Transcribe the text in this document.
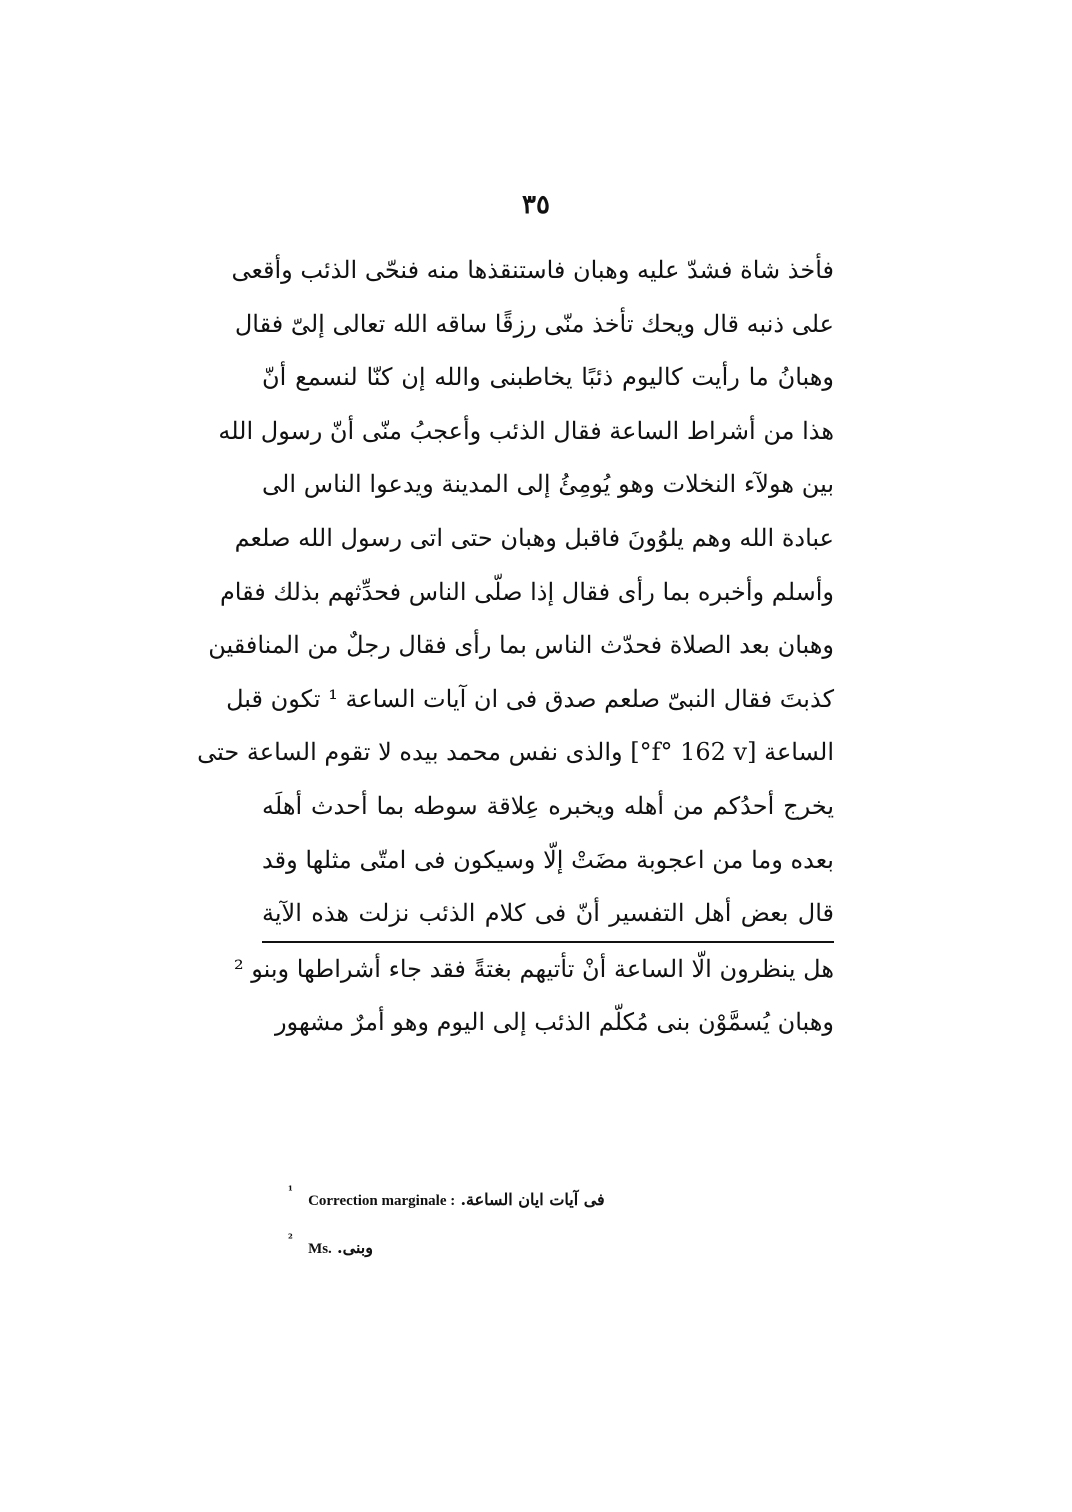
٣٥
فأخذ شاة فشدّ عليه وهبان فاستنقذها منه فنحّى الذئب وأقعى
على ذنبه قال ويحك تأخذ منّى رزقًا ساقه الله تعالى إلىّ فقال
وهبانُ ما رأيت كاليوم ذئبًا يخاطبنى والله إن كنّا لنسمع أنّ
هذا من أشراط الساعة فقال الذئب وأعجبُ منّى أنّ رسول الله
بين هولآء النخلات وهو يُومِئُ إلى المدينة ويدعوا الناس الى
عبادة الله وهم يلوُونَ فاقبل وهبان حتى اتى رسول الله صلعم
وأسلم وأخبره بما رأى فقال إذا صلّى الناس فحدِّثهم بذلك فقام
وهبان بعد الصلاة فحدّث الناس بما رأى فقال رجلٌ من المنافقين
كذبتَ فقال النبىّ صلعم صدق فى ان آيات الساعة ¹ تكون قبل
الساعة [f° 162 v°] والذى نفس محمد بيده لا تقوم الساعة حتى
يخرج أحدُكم من أهله ويخبره عِلاقة سوطه بما أحدث أهلَه
بعده وما من اعجوبة مضَتْ إلّا وسيكون فى امتّى مثلها وقد
قال بعض أهل التفسير أنّ فى كلام الذئب نزلت هذه الآية
هل ينظرون الّا الساعة أنْ تأتيهم بغتةً فقد جاء أشراطها وبنو ²
وهبان يُسمَّوْن بنى مُكلّم الذئب إلى اليوم وهو أمرٌ مشهور
$^{^1}$ Correction marginale : فى آيات ايان الساعة.
$^{^2}$ Ms. وبنى.
